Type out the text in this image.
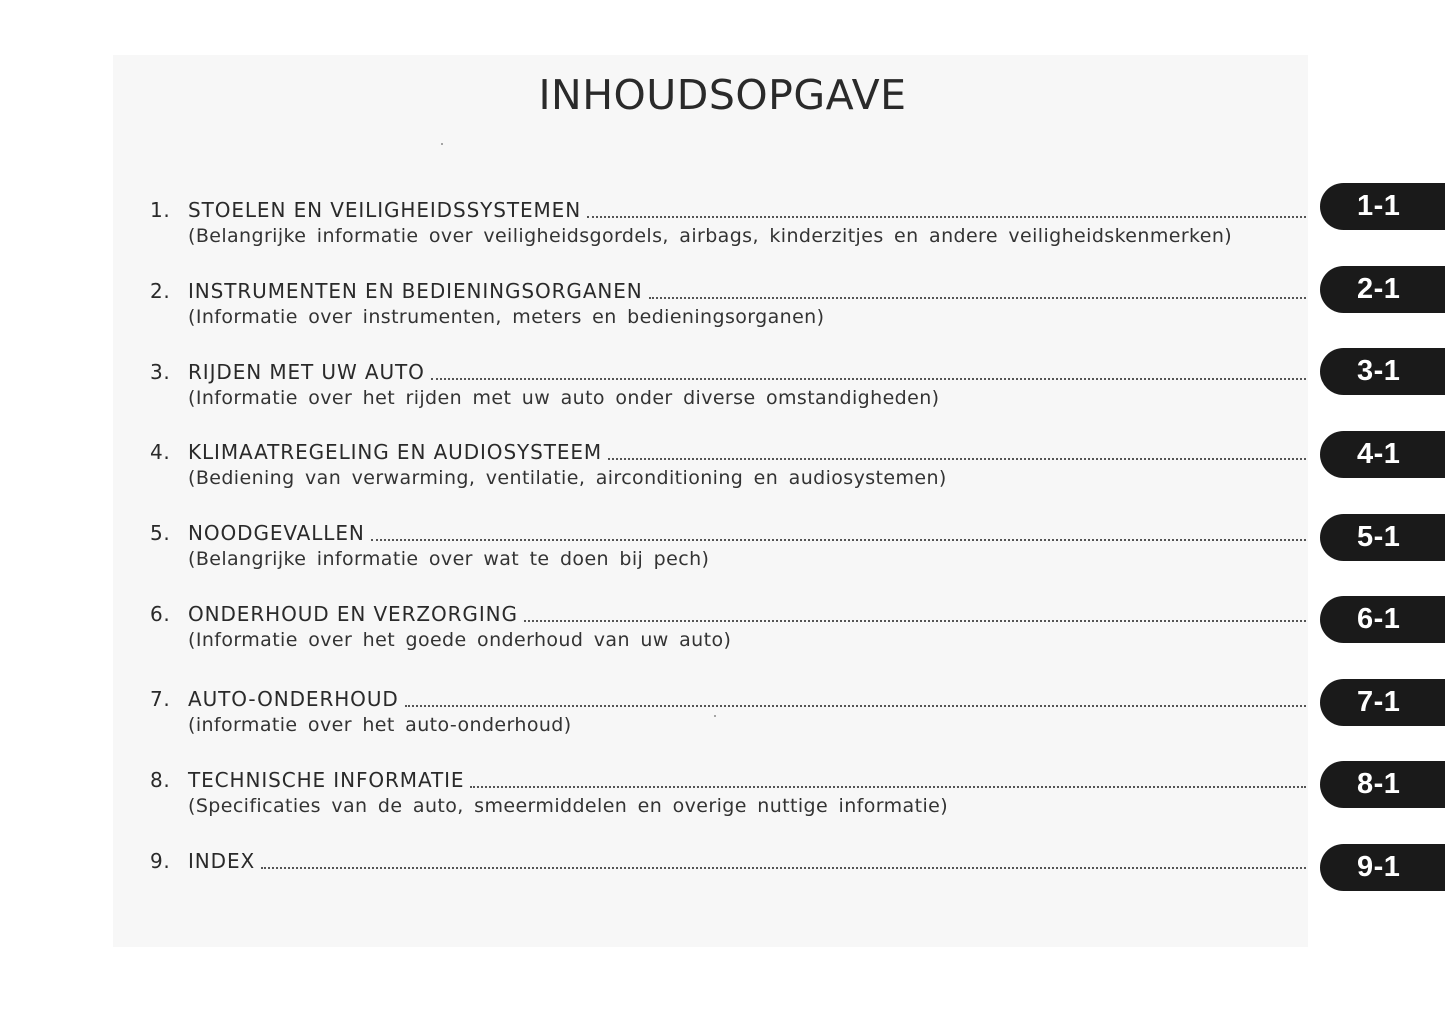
INHOUDSOPGAVE
1. STOELEN EN VEILIGHEIDSSYSTEMEN
(Belangrijke informatie over veiligheidsgordels, airbags, kinderzitjes en andere veiligheidskenmerken)
1-1
2. INSTRUMENTEN EN BEDIENINGSORGANEN
(Informatie over instrumenten, meters en bedieningsorganen)
2-1
3. RIJDEN MET UW AUTO
(Informatie over het rijden met uw auto onder diverse omstandigheden)
3-1
4. KLIMAATREGELING EN AUDIOSYSTEEM
(Bediening van verwarming, ventilatie, airconditioning en audiosystemen)
4-1
5. NOODGEVALLEN
(Belangrijke informatie over wat te doen bij pech)
5-1
6. ONDERHOUD EN VERZORGING
(Informatie over het goede onderhoud van uw auto)
6-1
7. AUTO-ONDERHOUD
(informatie over het auto-onderhoud)
7-1
8. TECHNISCHE INFORMATIE
(Specificaties van de auto, smeermiddelen en overige nuttige informatie)
8-1
9. INDEX	9-1
